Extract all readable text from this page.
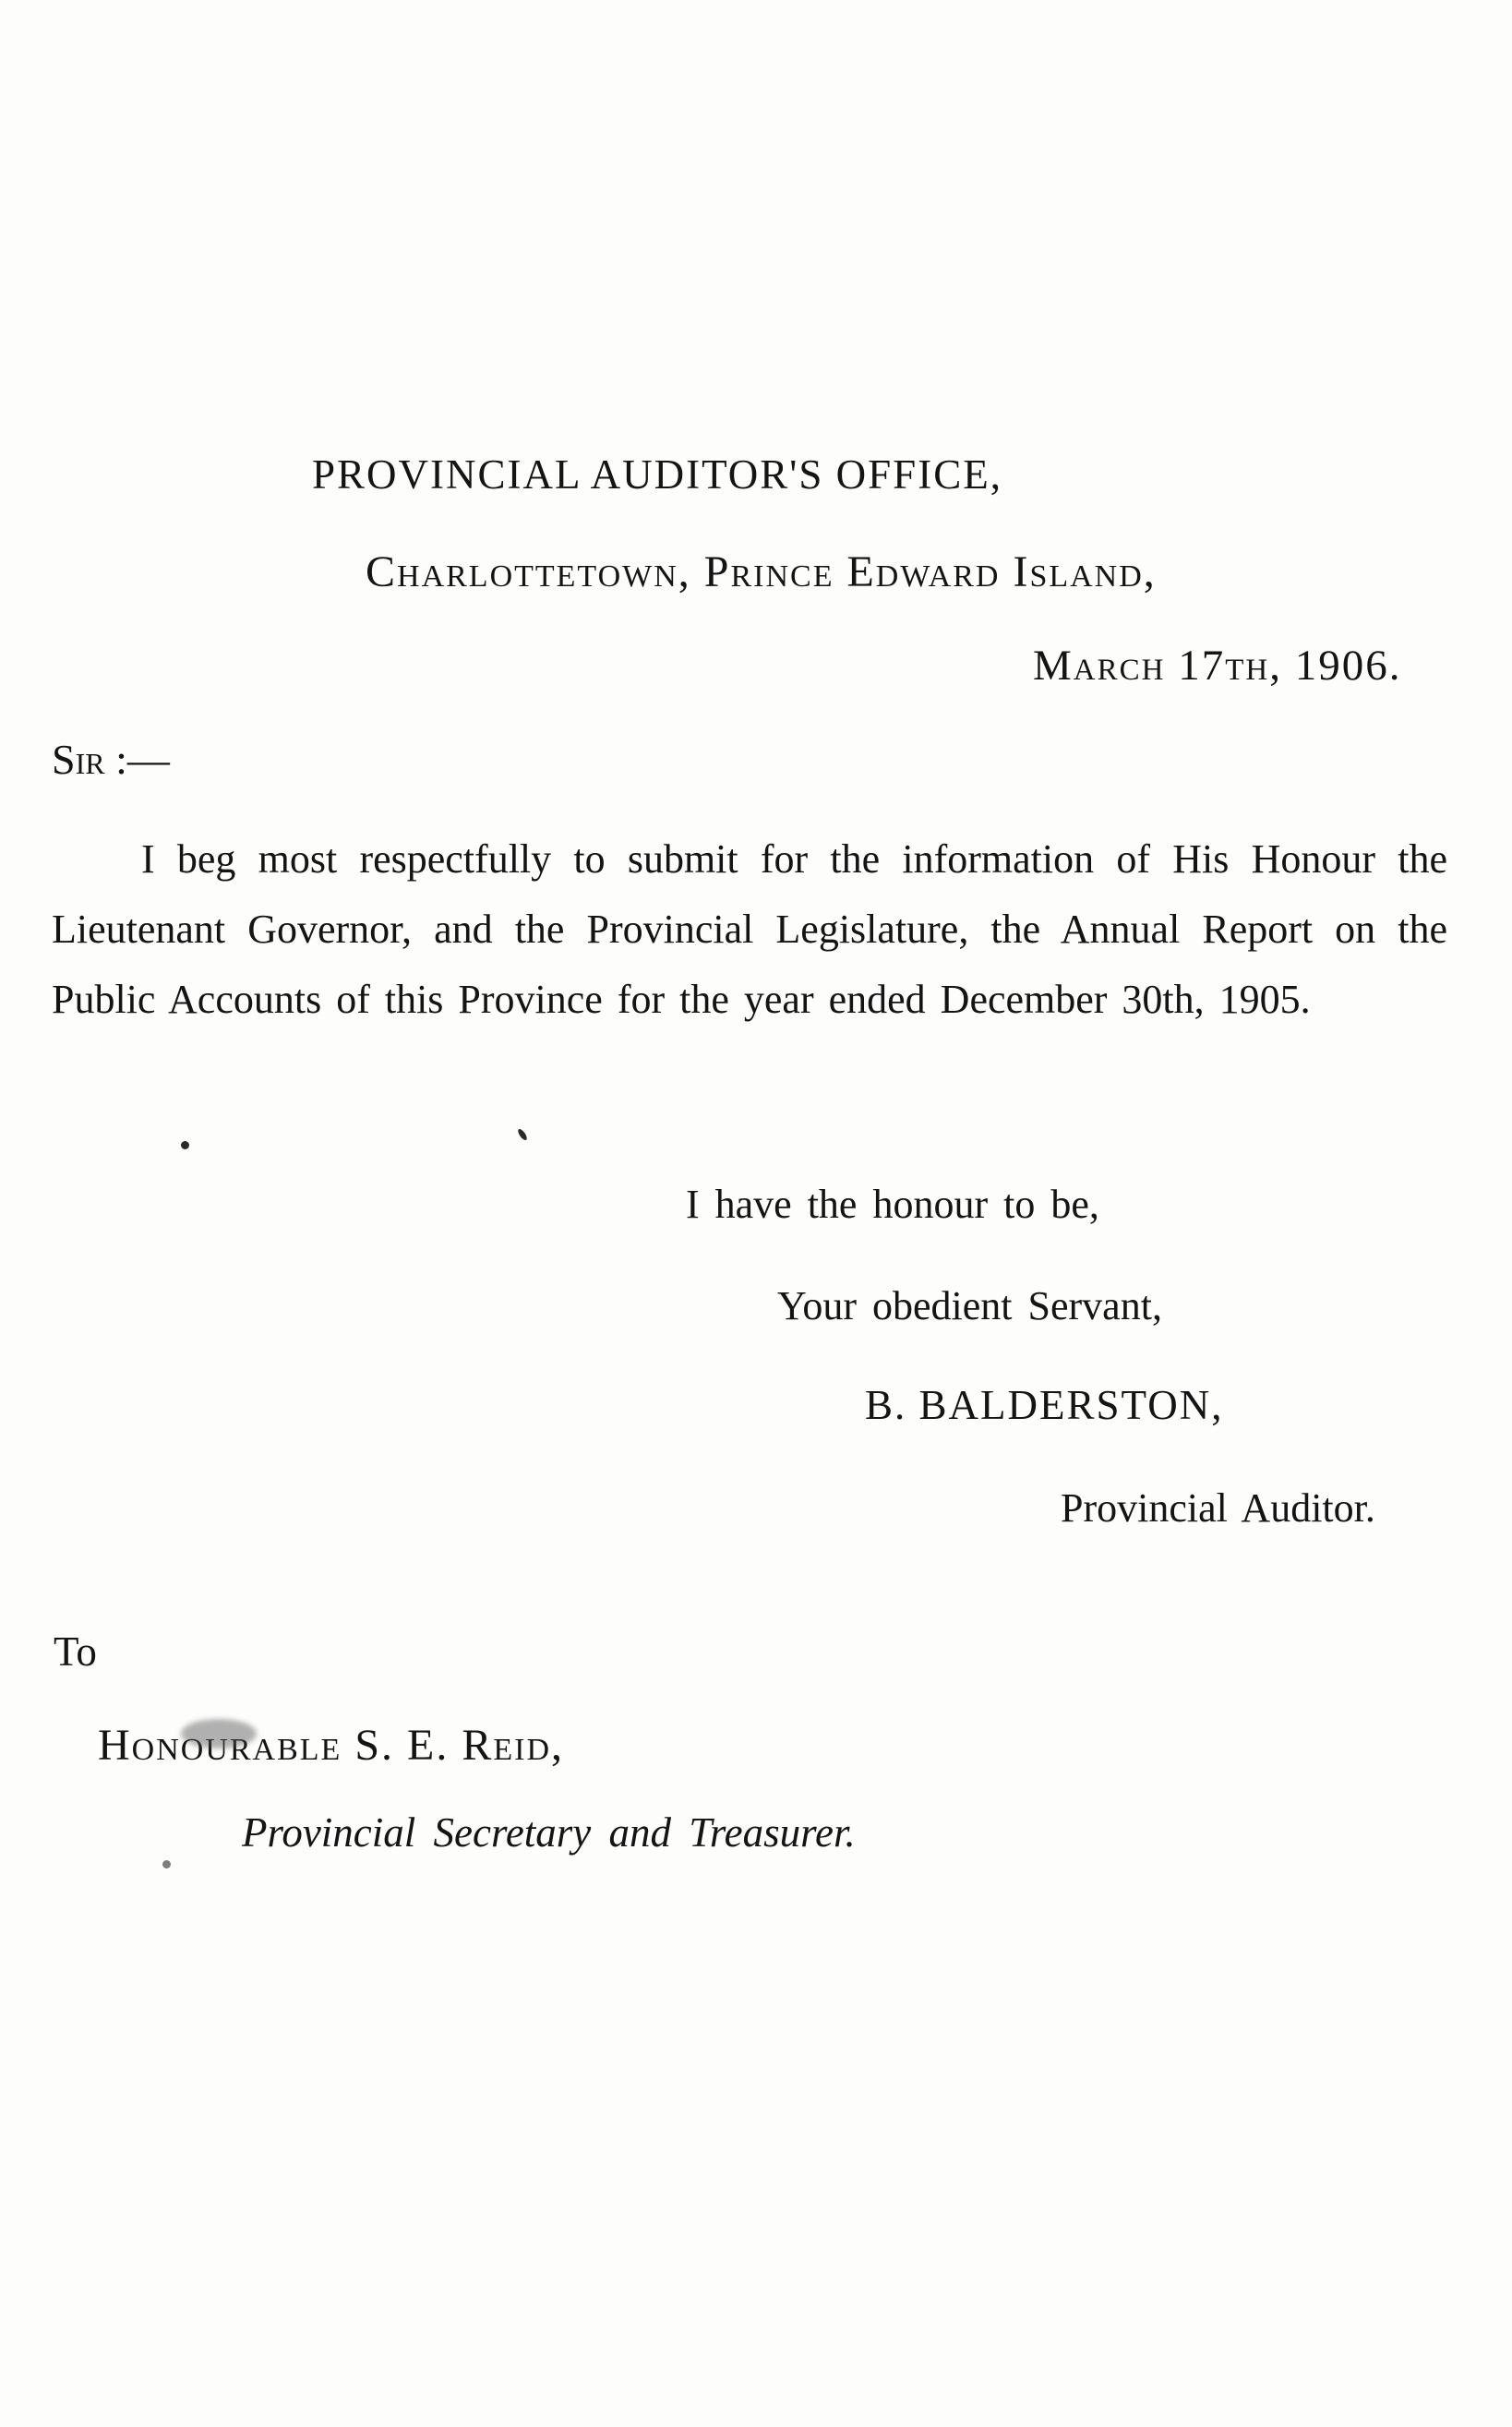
PROVINCIAL AUDITOR'S OFFICE,
Charlottetown, Prince Edward Island,
March 17th, 1906.
Sir :—

I beg most respectfully to submit for the information of His Honour the Lieutenant Governor, and the Provincial Legislature, the Annual Report on the Public Accounts of this Province for the year ended December 30th, 1905.

I have the honour to be,
Your obedient Servant,
B. BALDERSTON,
Provincial Auditor.
To
Honourable S. E. Reid,
Provincial Secretary and Treasurer.
